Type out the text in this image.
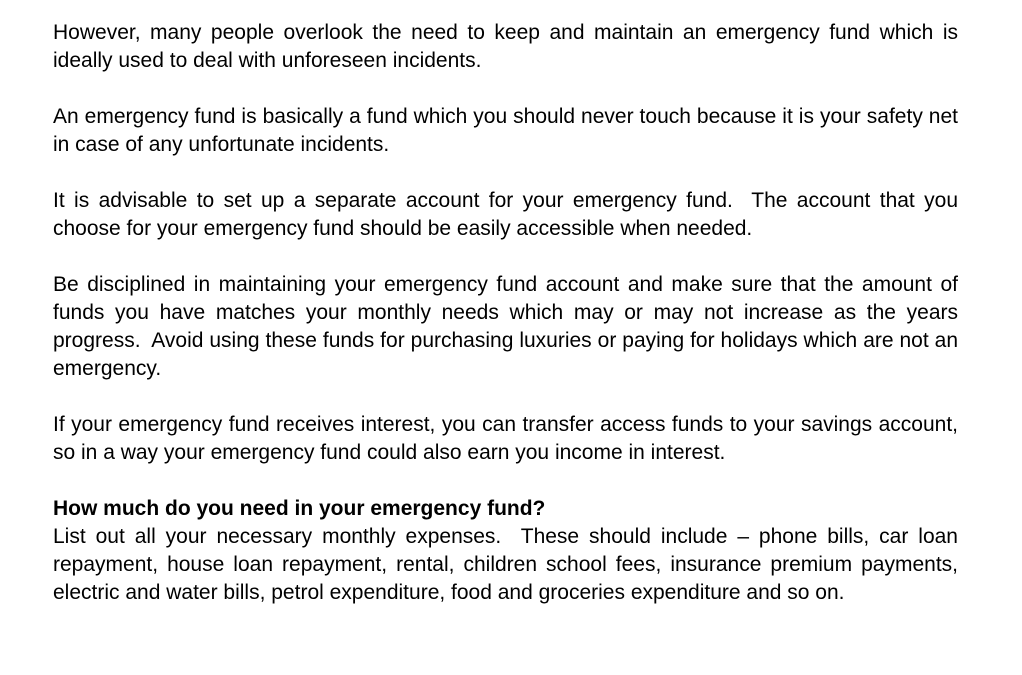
However, many people overlook the need to keep and maintain an emergency fund which is ideally used to deal with unforeseen incidents.

An emergency fund is basically a fund which you should never touch because it is your safety net in case of any unfortunate incidents.

It is advisable to set up a separate account for your emergency fund.  The account that you choose for your emergency fund should be easily accessible when needed.

Be disciplined in maintaining your emergency fund account and make sure that the amount of funds you have matches your monthly needs which may or may not increase as the years progress.  Avoid using these funds for purchasing luxuries or paying for holidays which are not an emergency.

If your emergency fund receives interest, you can transfer access funds to your savings account, so in a way your emergency fund could also earn you income in interest.

How much do you need in your emergency fund?

List out all your necessary monthly expenses.  These should include – phone bills, car loan repayment, house loan repayment, rental, children school fees, insurance premium payments, electric and water bills, petrol expenditure, food and groceries expenditure and so on.
